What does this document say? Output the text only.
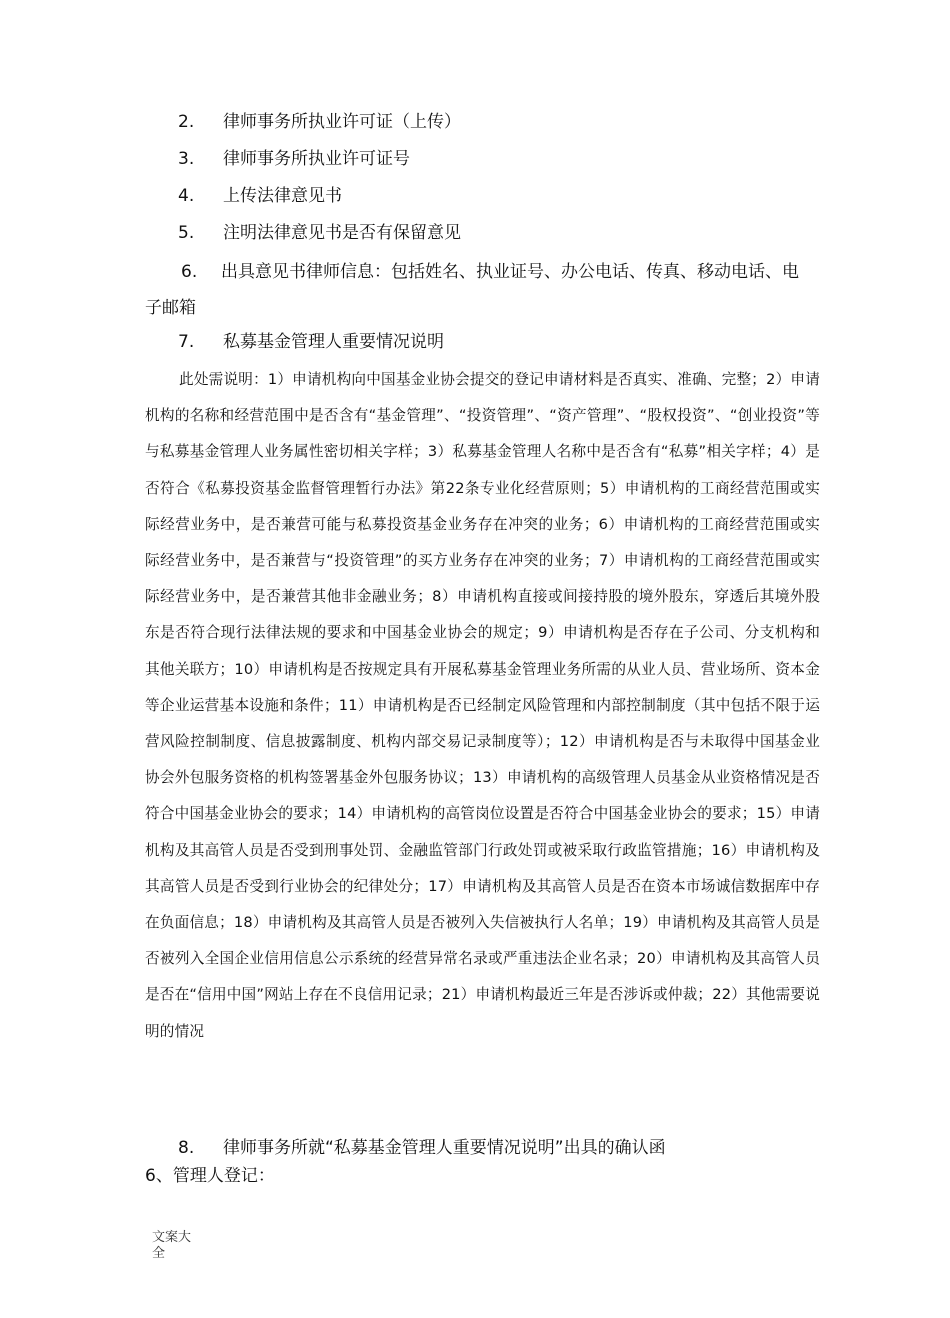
2. 律师事务所执业许可证（上传）
3. 律师事务所执业许可证号
4. 上传法律意见书
5. 注明法律意见书是否有保留意见
6. 出具意见书律师信息：包括姓名、执业证号、办公电话、传真、移动电话、电子邮箱
7. 私募基金管理人重要情况说明
此处需说明：1）申请机构向中国基金业协会提交的登记申请材料是否真实、准确、完整；2）申请机构的名称和经营范围中是否含有“基金管理”、“投资管理”、“资产管理”、“股权投资”、“创业投资”等与私募基金管理人业务属性密切相关字样；3）私募基金管理人名称中是否含有“私募”相关字样；4）是否符合《私募投资基金监督管理暂行办法》第22条专业化经营原则；5）申请机构的工商经营范围或实际经营业务中，是否兼营可能与私募投资基金业务存在冲突的业务；6）申请机构的工商经营范围或实际经营业务中，是否兼营与“投资管理”的买方业务存在冲突的业务；7）申请机构的工商经营范围或实际经营业务中，是否兼营其他非金融业务；8）申请机构直接或间接持股的境外股东，穿透后其境外股东是否符合现行法律法规的要求和中国基金业协会的规定；9）申请机构是否存在子公司、分支机构和其他关联方；10）申请机构是否按规定具有开展私募基金管理业务所需的从业人员、营业场所、资本金等企业运营基本设施和条件；11）申请机构是否已经制定风险管理和内部控制制度（其中包括不限于运营风险控制制度、信息披露制度、机构内部交易记录制度等）；12）申请机构是否与未取得中国基金业协会外包服务资格的机构签署基金外包服务协议；13）申请机构的高级管理人员基金从业资格情况是否符合中国基金业协会的要求；14）申请机构的高管岗位设置是否符合中国基金业协会的要求；15）申请机构及其高管人员是否受到刑事处罚、金融监管部门行政处罚或被采取行政监管措施；16）申请机构及其高管人员是否受到行业协会的纪律处分；17）申请机构及其高管人员是否在资本市场诚信数据库中存在负面信息；18）申请机构及其高管人员是否被列入失信被执行人名单；19）申请机构及其高管人员是否被列入全国企业信用信息公示系统的经营异常名录或严重违法企业名录；20）申请机构及其高管人员是否在“信用中国”网站上存在不良信用记录；21）申请机构最近三年是否涉诉或仲裁；22）其他需要说明的情况
8. 律师事务所就“私募基金管理人重要情况说明”出具的确认函
6、管理人登记：
文案大全
